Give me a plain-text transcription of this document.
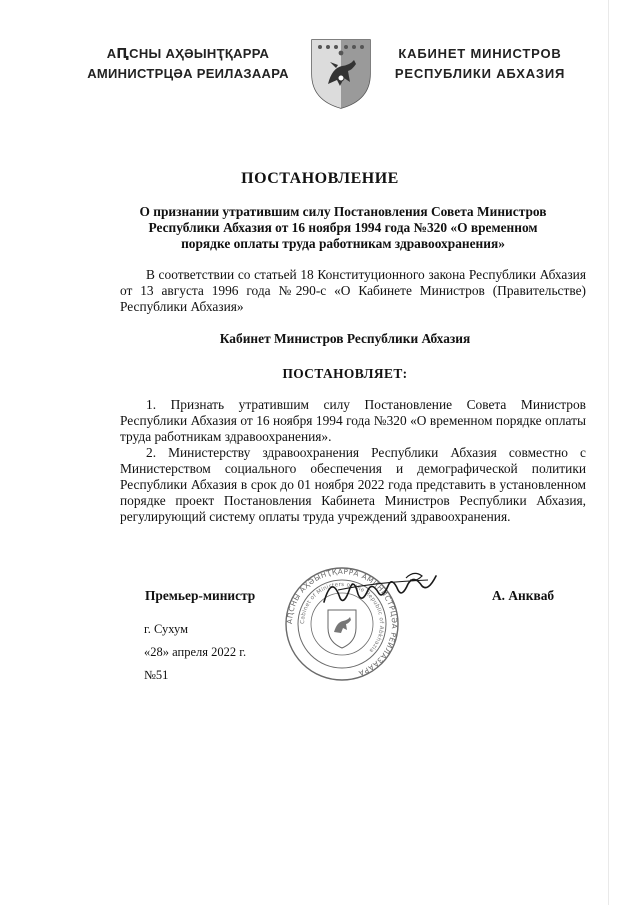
АԤСНЫ АҲӘЫНҬҚАРРА
АМИНИСТРЦӘА РЕИЛАЗААРА
КАБИНЕТ МИНИСТРОВ
РЕСПУБЛИКИ АБХАЗИЯ
ПОСТАНОВЛЕНИЕ
О признании утратившим силу Постановления Совета Министров
Республики Абхазия от 16 ноября 1994 года №320 «О временном
порядке оплаты труда работникам здравоохранения»
В соответствии со статьей 18 Конституционного закона Республики Абхазия от 13 августа 1996 года №290-с «О Кабинете Министров (Правительстве) Республики Абхазия»
Кабинет Министров Республики Абхазия
ПОСТАНОВЛЯЕТ:

1. Признать утратившим силу Постановление Совета Министров Республики Абхазия от 16 ноября 1994 года №320 «О временном порядке оплаты труда работникам здравоохранения».

2. Министерству здравоохранения Республики Абхазия совместно с Министерством социального обеспечения и демографической политики Республики Абхазия в срок до 01 ноября 2022 года представить в установленном порядке проект Постановления Кабинета Министров Республики Абхазия, регулирующий систему оплаты труда учреждений здравоохранения.

АԤСНЫ АҲӘЫНҬҚАРРА АМИНИСТРЦӘА РЕИЛАЗААРА
Cabinet of Ministers of the Republic of Abkhazia
Премьер-министр	А. Анкваб
г. Сухум
«28» апреля 2022 г.
№51
